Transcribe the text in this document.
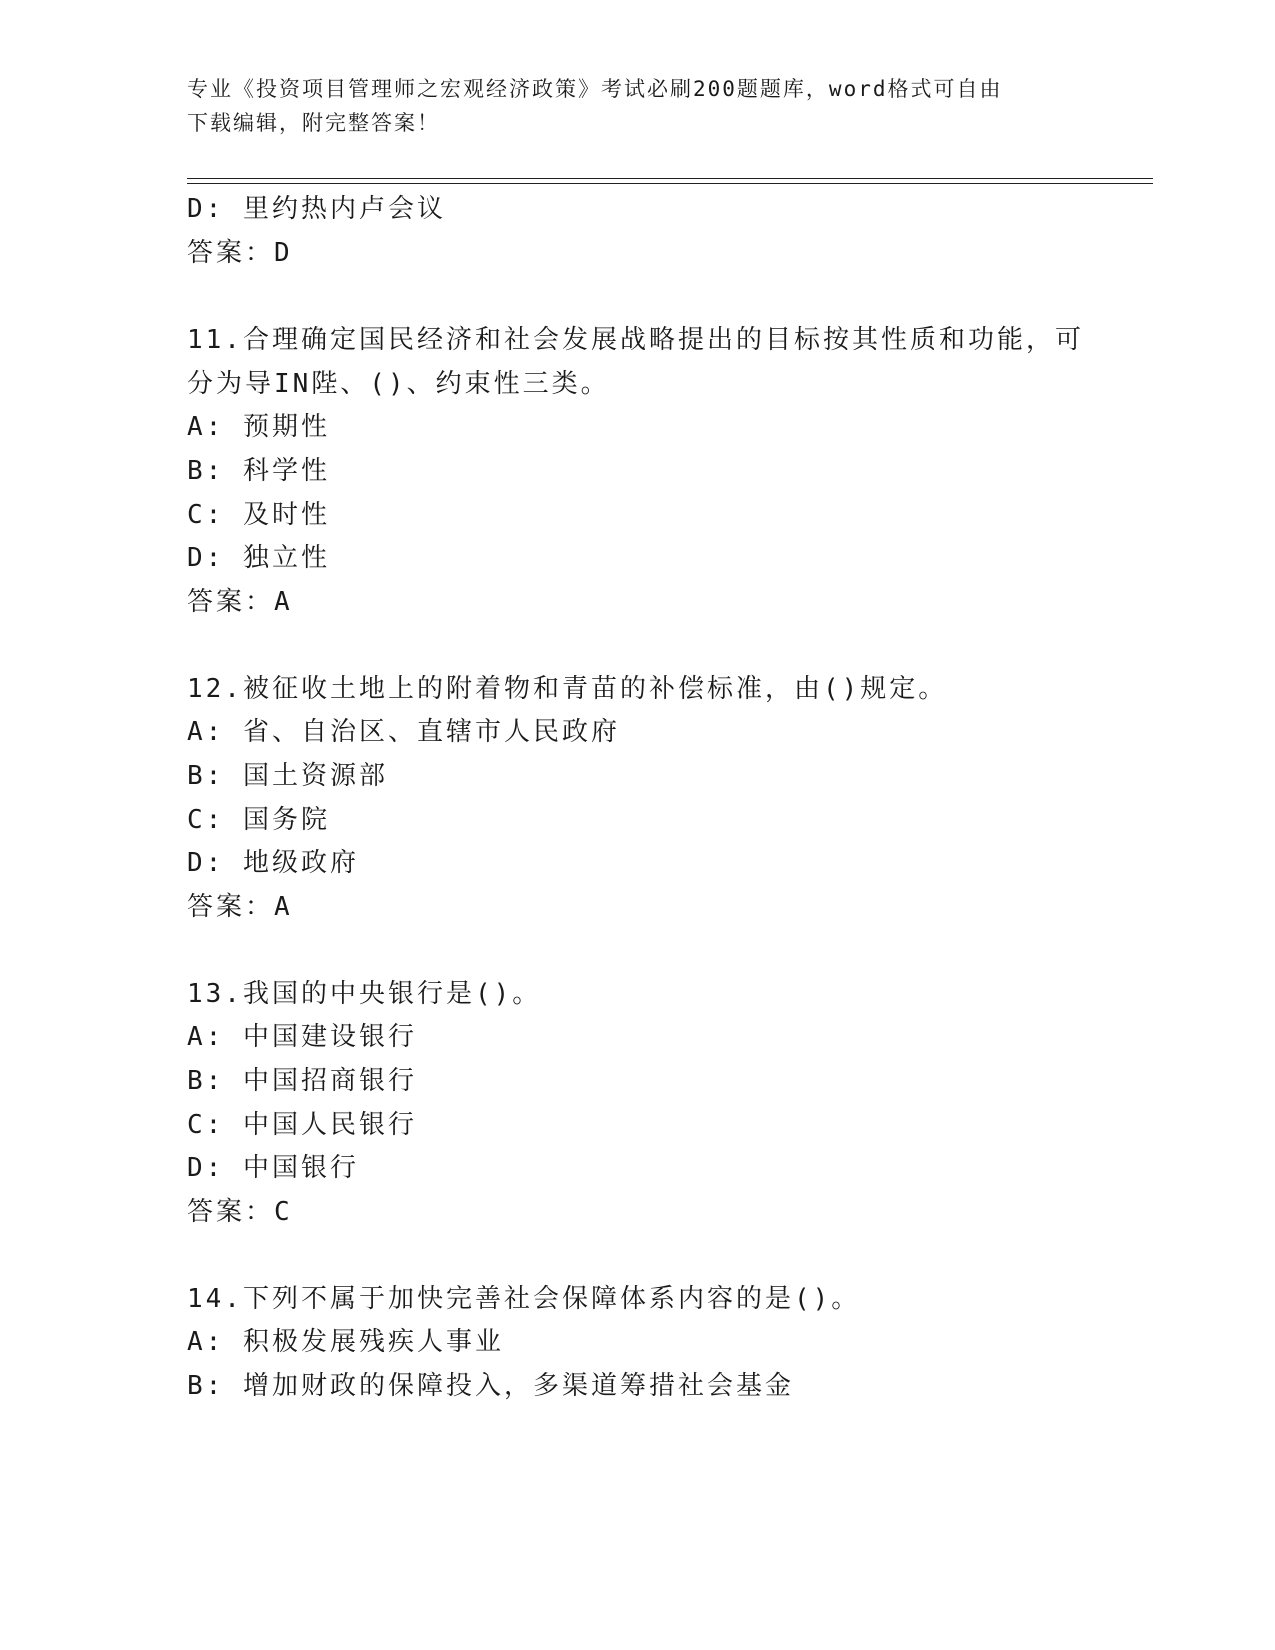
专业《投资项目管理师之宏观经济政策》考试必刷200题题库，word格式可自由
下载编辑，附完整答案！
D: 里约热内卢会议
答案：D
11.合理确定国民经济和社会发展战略提出的目标按其性质和功能，可
分为导IN陛、()、约束性三类。
A: 预期性
B: 科学性
C: 及时性
D: 独立性
答案：A
12.被征收土地上的附着物和青苗的补偿标准，由()规定。
A: 省、自治区、直辖市人民政府
B: 国土资源部
C: 国务院
D: 地级政府
答案：A
13.我国的中央银行是()。
A: 中国建设银行
B: 中国招商银行
C: 中国人民银行
D: 中国银行
答案：C
14.下列不属于加快完善社会保障体系内容的是()。
A: 积极发展残疾人事业
B: 增加财政的保障投入，多渠道筹措社会基金
